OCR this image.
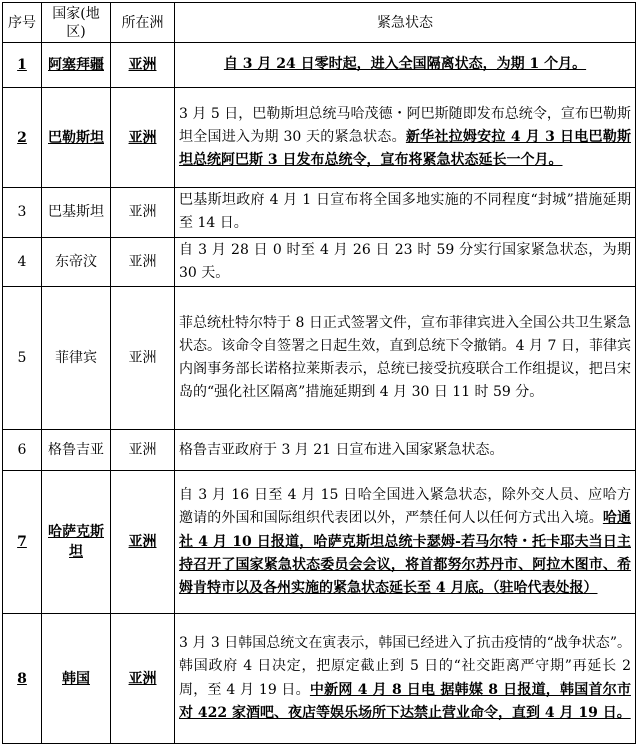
序号	国家(地区)	所在洲	紧急状态
1	阿塞拜疆	亚洲	自 3 月 24 日零时起，进入全国隔离状态，为期 1 个月。
2	巴勒斯坦	亚洲	3 月 5 日，巴勒斯坦总统马哈茂德・阿巴斯随即发布总统令，宣布巴勒斯坦全国进入为期 30 天的紧急状态。新华社拉姆安拉 4 月 3 日电巴勒斯坦总统阿巴斯 3 日发布总统令，宣布将紧急状态延长一个月。
3	巴基斯坦	亚洲	巴基斯坦政府 4 月 1 日宣布将全国多地实施的不同程度“封城”措施延期至 14 日。
4	东帝汶	亚洲	自 3 月 28 日 0 时至 4 月 26 日 23 时 59 分实行国家紧急状态，为期 30 天。
5	菲律宾	亚洲	菲总统杜特尔特于 8 日正式签署文件，宣布菲律宾进入全国公共卫生紧急状态。该命令自签署之日起生效，直到总统下令撤销。4 月 7 日，菲律宾内阁事务部长诺格拉莱斯表示，总统已接受抗疫联合工作组提议，把吕宋岛的“强化社区隔离”措施延期到 4 月 30 日 11 时 59 分。
6	格鲁吉亚	亚洲	格鲁吉亚政府于 3 月 21 日宣布进入国家紧急状态。
7	哈萨克斯坦	亚洲	自 3 月 16 日至 4 月 15 日哈全国进入紧急状态，除外交人员、应哈方邀请的外国和国际组织代表团以外，严禁任何人以任何方式出入境。哈通社 4 月 10 日报道，哈萨克斯坦总统卡瑟姆-若马尔特・托卡耶夫当日主持召开了国家紧急状态委员会会议，将首都努尔苏丹市、阿拉木图市、希姆肯特市以及各州实施的紧急状态延长至 4 月底。（驻哈代表处报）
8	韩国	亚洲	3 月 3 日韩国总统文在寅表示，韩国已经进入了抗击疫情的“战争状态”。 韩国政府 4 日决定，把原定截止到 5 日的“社交距离严守期”再延长 2 周，至 4 月 19 日。中新网 4 月 8 日电 据韩媒 8 日报道，韩国首尔市对 422 家酒吧、夜店等娱乐场所下达禁止营业命令，直到 4 月 19 日。
